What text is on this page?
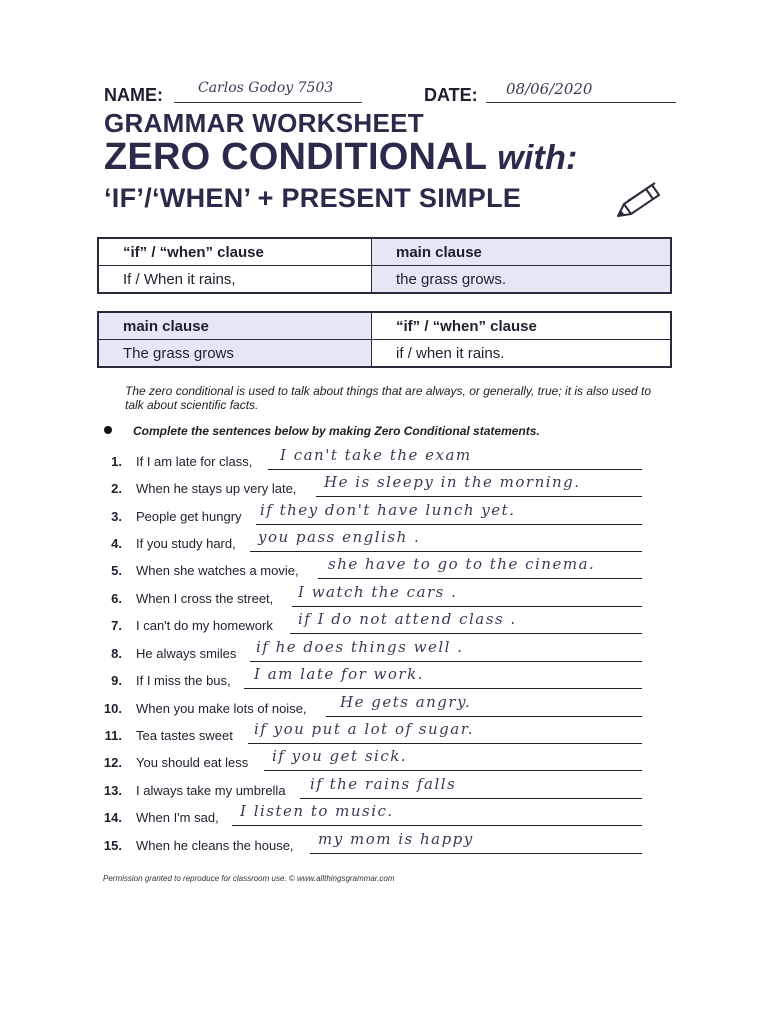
NAME:	Carlos Godoy 7503	DATE: 08/06/2020
GRAMMAR WORKSHEET
ZERO CONDITIONAL with:
‘IF’/‘WHEN’ + PRESENT SIMPLE
“if” / “when” clause	main clause
If / When it rains,	the grass grows.
main clause	“if” / “when” clause
The grass grows	if / when it rains.
The zero conditional is used to talk about things that are always, or generally, true; it is also used to talk about scientific facts.
Complete the sentences below by making Zero Conditional statements.
1. If I am late for class, I can't take the exam
2. When he stays up very late, He is sleepy in the morning.
3. People get hungry if they don't have lunch yet.
4. If you study hard, you pass english .
5. When she watches a movie, she have to go to the cinema.
6. When I cross the street, I watch the cars .
7. I can't do my homework if I do not attend class .
8. He always smiles if he does things well .
9. If I miss the bus, I am late for work.
10. When you make lots of noise, He gets angry.
11. Tea tastes sweet if you put a lot of sugar.
12. You should eat less if you get sick.
13. I always take my umbrella if the rains falls
14. When I'm sad, I listen to music.
15. When he cleans the house, my mom is happy
Permission granted to reproduce for classroom use. © www.allthingsgrammar.com
